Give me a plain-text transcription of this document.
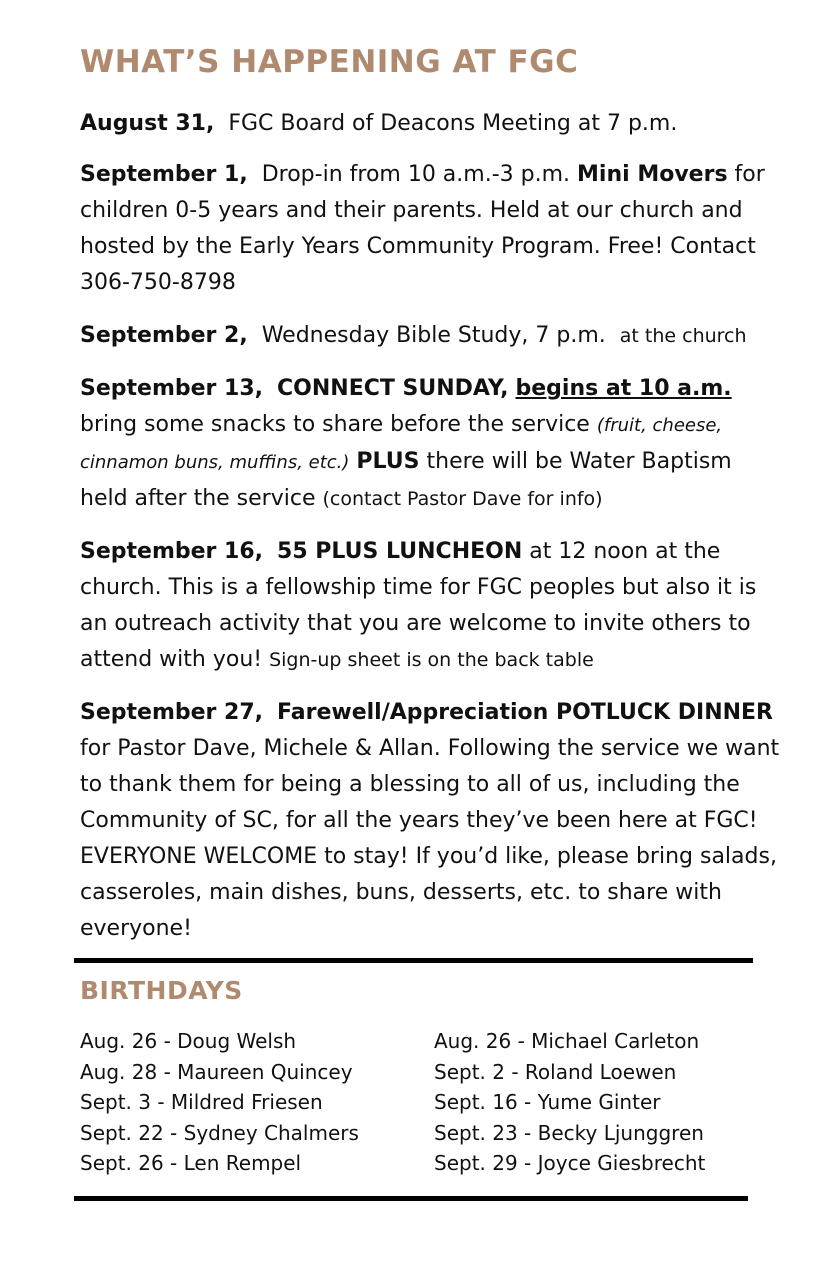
WHAT’S HAPPENING AT FGC

August 31, FGC Board of Deacons Meeting at 7 p.m.

September 1, Drop-in from 10 a.m.-3 p.m. Mini Movers for children 0-5 years and their parents. Held at our church and hosted by the Early Years Community Program. Free! Contact 306-750-8798

September 2, Wednesday Bible Study, 7 p.m. at the church

September 13, CONNECT SUNDAY, begins at 10 a.m. bring some snacks to share before the service (fruit, cheese, cinnamon buns, muffins, etc.) PLUS there will be Water Baptism held after the service (contact Pastor Dave for info)

September 16, 55 PLUS LUNCHEON at 12 noon at the church. This is a fellowship time for FGC peoples but also it is an outreach activity that you are welcome to invite others to attend with you! Sign-up sheet is on the back table

September 27, Farewell/Appreciation POTLUCK DINNER for Pastor Dave, Michele & Allan. Following the service we want to thank them for being a blessing to all of us, including the Community of SC, for all the years they’ve been here at FGC! EVERYONE WELCOME to stay! If you’d like, please bring salads, casseroles, main dishes, buns, desserts, etc. to share with everyone!

BIRTHDAYS
Aug. 26 - Doug Welsh
Aug. 28 - Maureen Quincey
Sept. 3 - Mildred Friesen
Sept. 22 - Sydney Chalmers
Sept. 26 - Len Rempel
Aug. 26 - Michael Carleton
Sept. 2 - Roland Loewen
Sept. 16 - Yume Ginter
Sept. 23 - Becky Ljunggren
Sept. 29 - Joyce Giesbrecht
